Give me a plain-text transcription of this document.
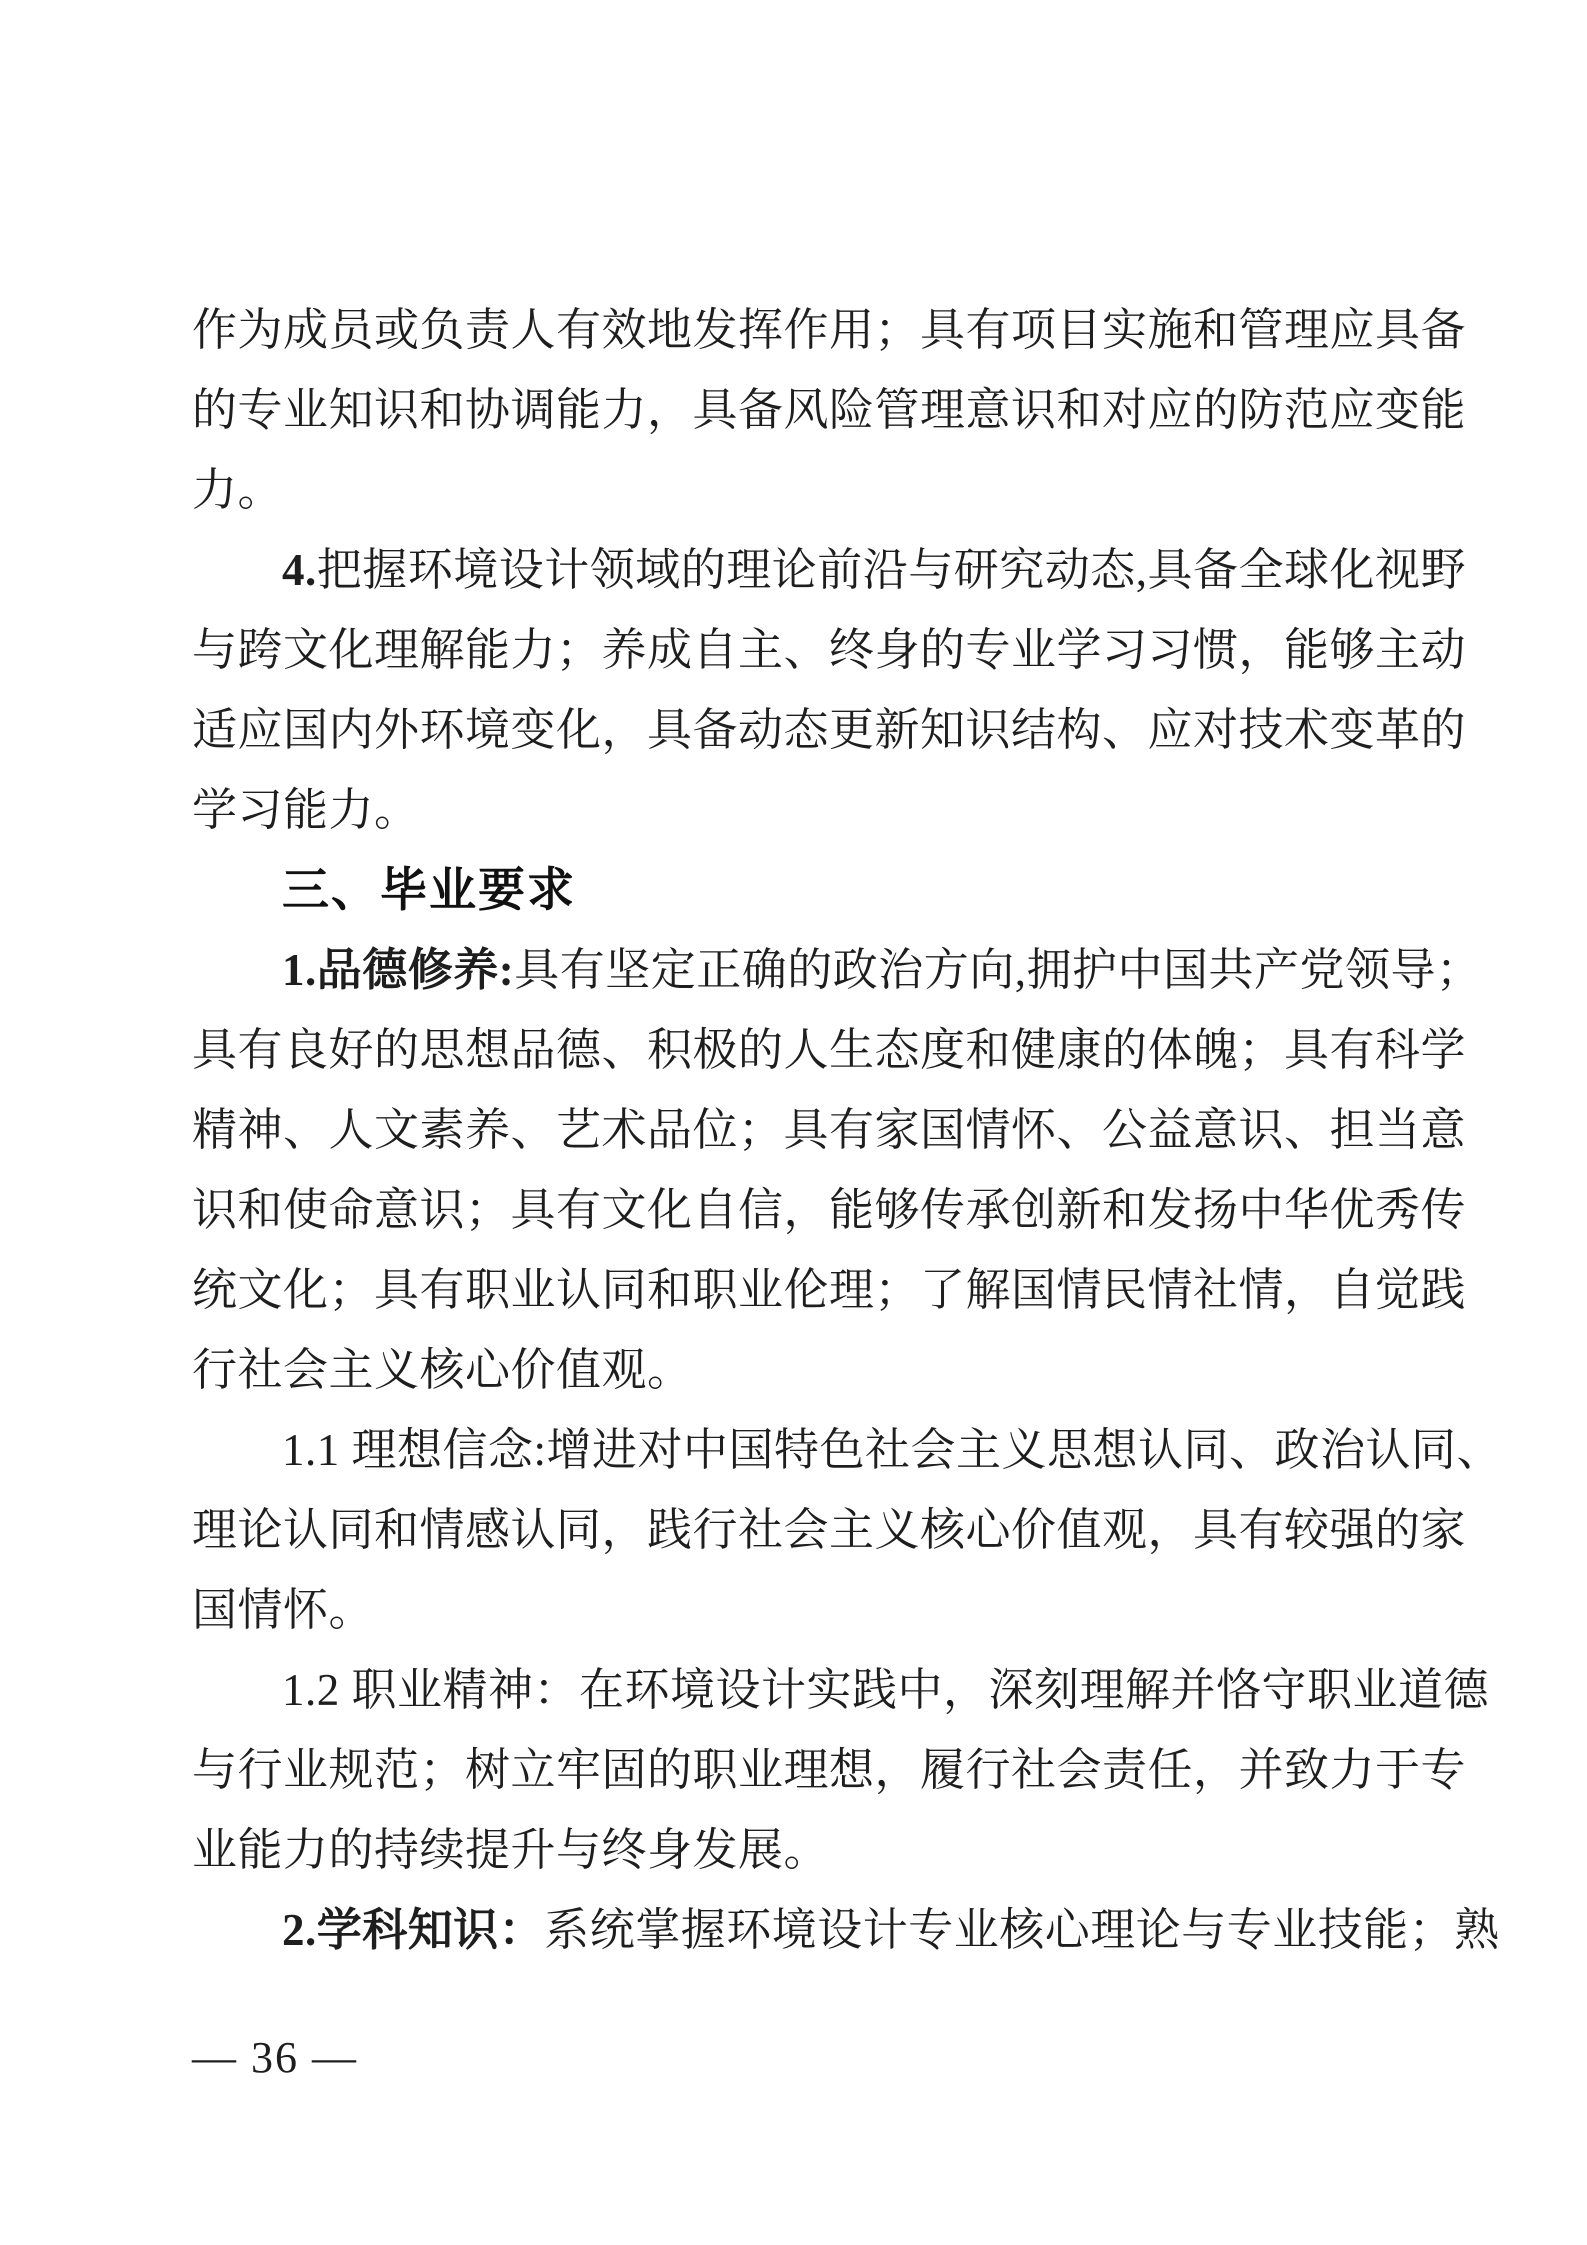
作为成员或负责人有效地发挥作用；具有项目实施和管理应具备
的专业知识和协调能力，具备风险管理意识和对应的防范应变能
力。
4.把握环境设计领域的理论前沿与研究动态,具备全球化视野
与跨文化理解能力；养成自主、终身的专业学习习惯，能够主动
适应国内外环境变化，具备动态更新知识结构、应对技术变革的
学习能力。
三、毕业要求
1.品德修养:具有坚定正确的政治方向,拥护中国共产党领导；
具有良好的思想品德、积极的人生态度和健康的体魄；具有科学
精神、人文素养、艺术品位；具有家国情怀、公益意识、担当意
识和使命意识；具有文化自信，能够传承创新和发扬中华优秀传
统文化；具有职业认同和职业伦理；了解国情民情社情，自觉践
行社会主义核心价值观。
1.1 理想信念:增进对中国特色社会主义思想认同、政治认同、
理论认同和情感认同，践行社会主义核心价值观，具有较强的家
国情怀。
1.2 职业精神：在环境设计实践中，深刻理解并恪守职业道德
与行业规范；树立牢固的职业理想，履行社会责任，并致力于专
业能力的持续提升与终身发展。
2.学科知识：系统掌握环境设计专业核心理论与专业技能；熟
— 36 —
